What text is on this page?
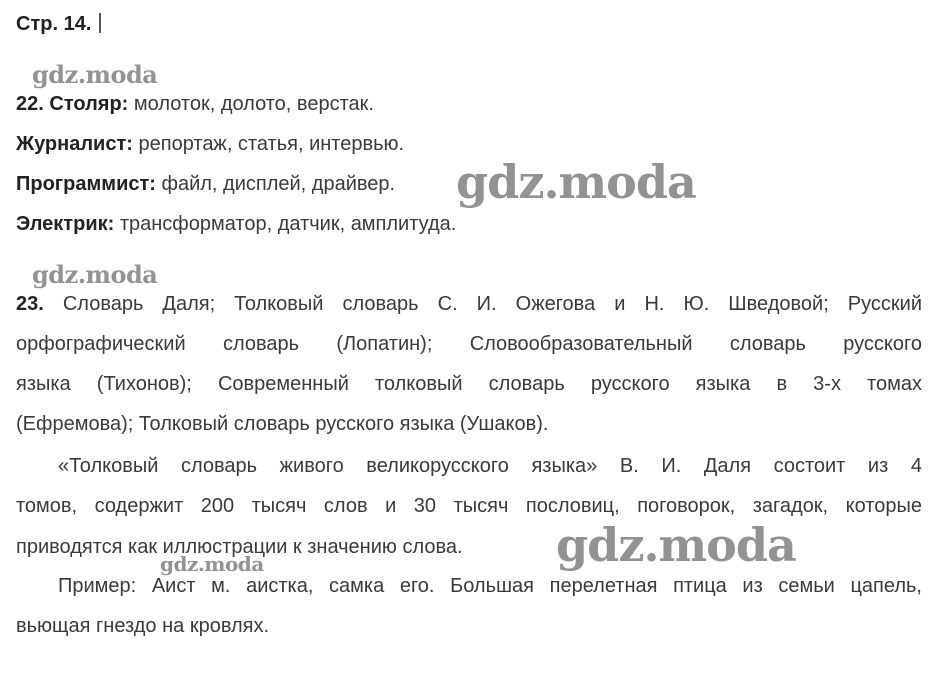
Стр. 14.
gdz.moda
22. Столяр: молоток, долото, верстак.
Журналист: репортаж, статья, интервью.
Программист: файл, дисплей, драйвер.
Электрик: трансформатор, датчик, амплитуда.
gdz.moda
gdz.moda
23. Словарь Даля; Толковый словарь С. И. Ожегова и Н. Ю. Шведовой; Русский
орфографический словарь (Лопатин); Словообразовательный словарь русского
языка (Тихонов); Современный толковый словарь русского языка в 3-х томах
(Ефремова); Толковый словарь русского языка (Ушаков).
«Толковый словарь живого великорусского языка» В. И. Даля состоит из 4
томов, содержит 200 тысяч слов и 30 тысяч пословиц, поговорок, загадок, которые
приводятся как иллюстрации к значению слова. gdz.moda
gdz.moda
Пример: Аист м. аистка, самка его. Большая перелетная птица из семьи цапель,
вьющая гнездо на кровлях.
